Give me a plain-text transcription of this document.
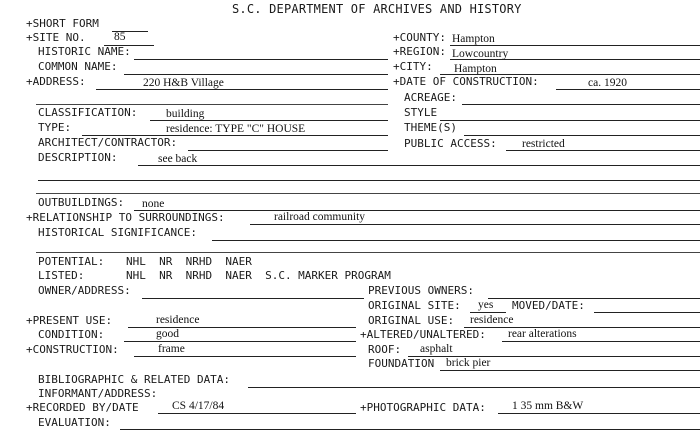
S.C. DEPARTMENT OF ARCHIVES AND HISTORY
+SHORT FORM
+SITE NO. 85	+COUNTY: Hampton
HISTORIC NAME:	+REGION: Lowcountry
COMMON NAME:	+CITY: Hampton
+ADDRESS:	220 H&B Village	+DATE OF CONSTRUCTION:	ca. 1920
ACREAGE:
CLASSIFICATION: building	STYLE
TYPE:	residence: TYPE "C" HOUSE	THEME(S)
ARCHITECT/CONTRACTOR:	PUBLIC ACCESS: restricted
DESCRIPTION:	see back
OUTBUILDINGS: none
+RELATIONSHIP TO SURROUNDINGS:	railroad community
HISTORICAL SIGNIFICANCE:
POTENTIAL: NHL  NR  NRHD  NAER
LISTED:	NHL  NR  NRHD  NAER  S.C. MARKER PROGRAM
OWNER/ADDRESS:	PREVIOUS OWNERS:
ORIGINAL SITE: yes MOVED/DATE:
+PRESENT USE:	residence	ORIGINAL USE: residence
CONDITION:	good	+ALTERED/UNALTERED: rear alterations
+CONSTRUCTION:	frame	ROOF: asphalt
FOUNDATION brick pier
BIBLIOGRAPHIC & RELATED DATA:
INFORMANT/ADDRESS:
+RECORDED BY/DATE	CS 4/17/84	+PHOTOGRAPHIC DATA: 1 35 mm B&W
EVALUATION:
